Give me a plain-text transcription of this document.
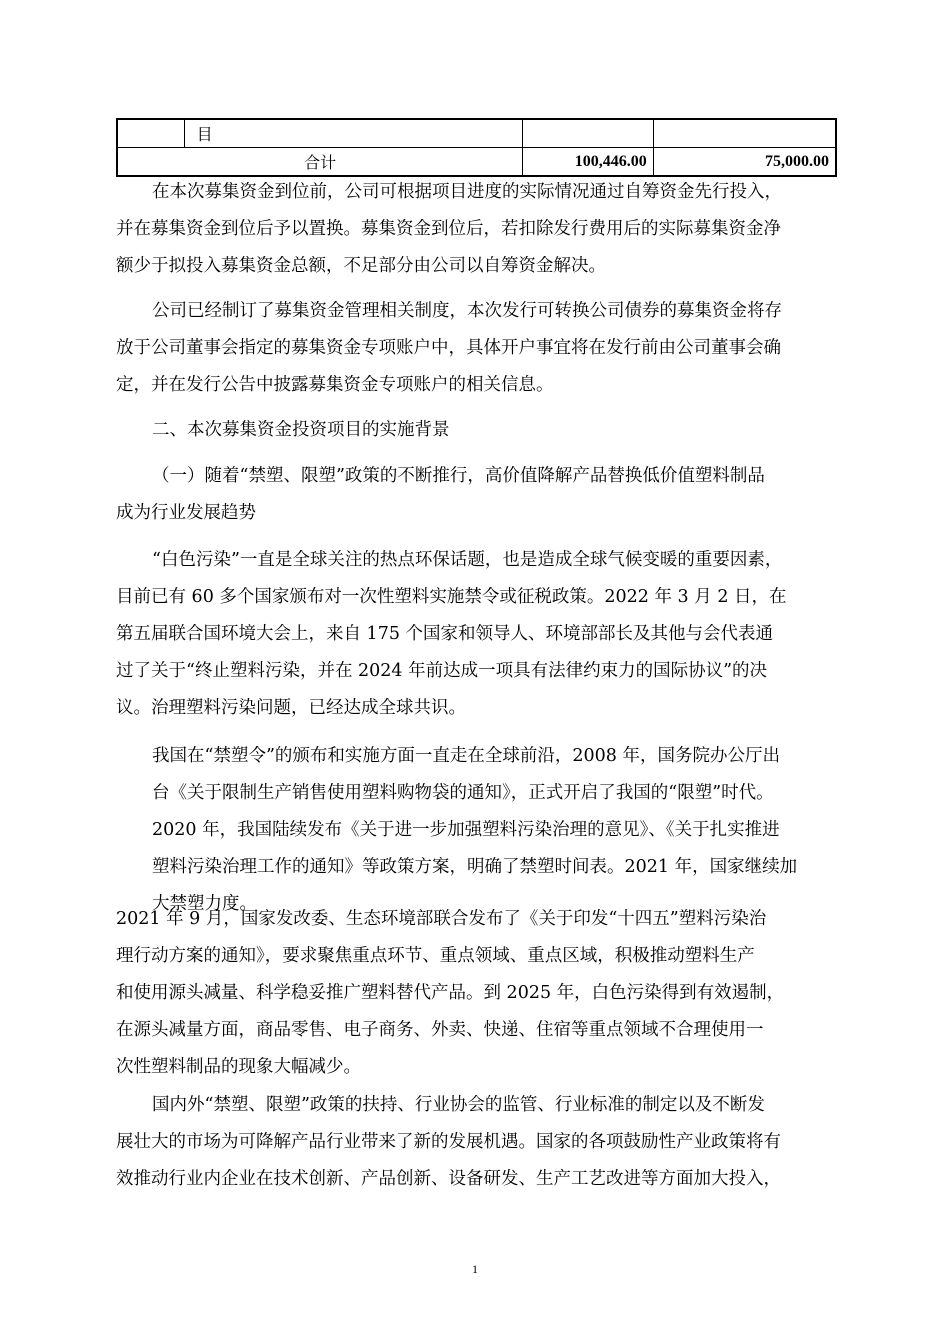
	目		
合计		100,446.00	75,000.00
在本次募集资金到位前，公司可根据项目进度的实际情况通过自筹资金先行投入，
并在募集资金到位后予以置换。募集资金到位后，若扣除发行费用后的实际募集资金净
额少于拟投入募集资金总额，不足部分由公司以自筹资金解决。
公司已经制订了募集资金管理相关制度，本次发行可转换公司债券的募集资金将存
放于公司董事会指定的募集资金专项账户中，具体开户事宜将在发行前由公司董事会确
定，并在发行公告中披露募集资金专项账户的相关信息。
二、本次募集资金投资项目的实施背景
（一）随着“禁塑、限塑”政策的不断推行，高价值降解产品替换低价值塑料制品
成为行业发展趋势
“白色污染”一直是全球关注的热点环保话题，也是造成全球气候变暖的重要因素，
目前已有 60 多个国家颁布对一次性塑料实施禁令或征税政策。2022 年 3 月 2 日，在
第五届联合国环境大会上，来自 175 个国家和领导人、环境部部长及其他与会代表通
过了关于“终止塑料污染，并在 2024 年前达成一项具有法律约束力的国际协议”的决
议。治理塑料污染问题，已经达成全球共识。
我国在“禁塑令”的颁布和实施方面一直走在全球前沿，2008 年，国务院办公厅出
台《关于限制生产销售使用塑料购物袋的通知》，正式开启了我国的“限塑”时代。
2020 年，我国陆续发布《关于进一步加强塑料污染治理的意见》、《关于扎实推进
塑料污染治理工作的通知》等政策方案，明确了禁塑时间表。2021 年，国家继续加
大禁塑力度。
2021 年 9 月，国家发改委、生态环境部联合发布了《关于印发“十四五”塑料污染治
理行动方案的通知》，要求聚焦重点环节、重点领域、重点区域，积极推动塑料生产
和使用源头减量、科学稳妥推广塑料替代产品。到 2025 年，白色污染得到有效遏制，
在源头减量方面，商品零售、电子商务、外卖、快递、住宿等重点领域不合理使用一
次性塑料制品的现象大幅减少。
国内外“禁塑、限塑”政策的扶持、行业协会的监管、行业标准的制定以及不断发
展壮大的市场为可降解产品行业带来了新的发展机遇。国家的各项鼓励性产业政策将有
效推动行业内企业在技术创新、产品创新、设备研发、生产工艺改进等方面加大投入，
1
